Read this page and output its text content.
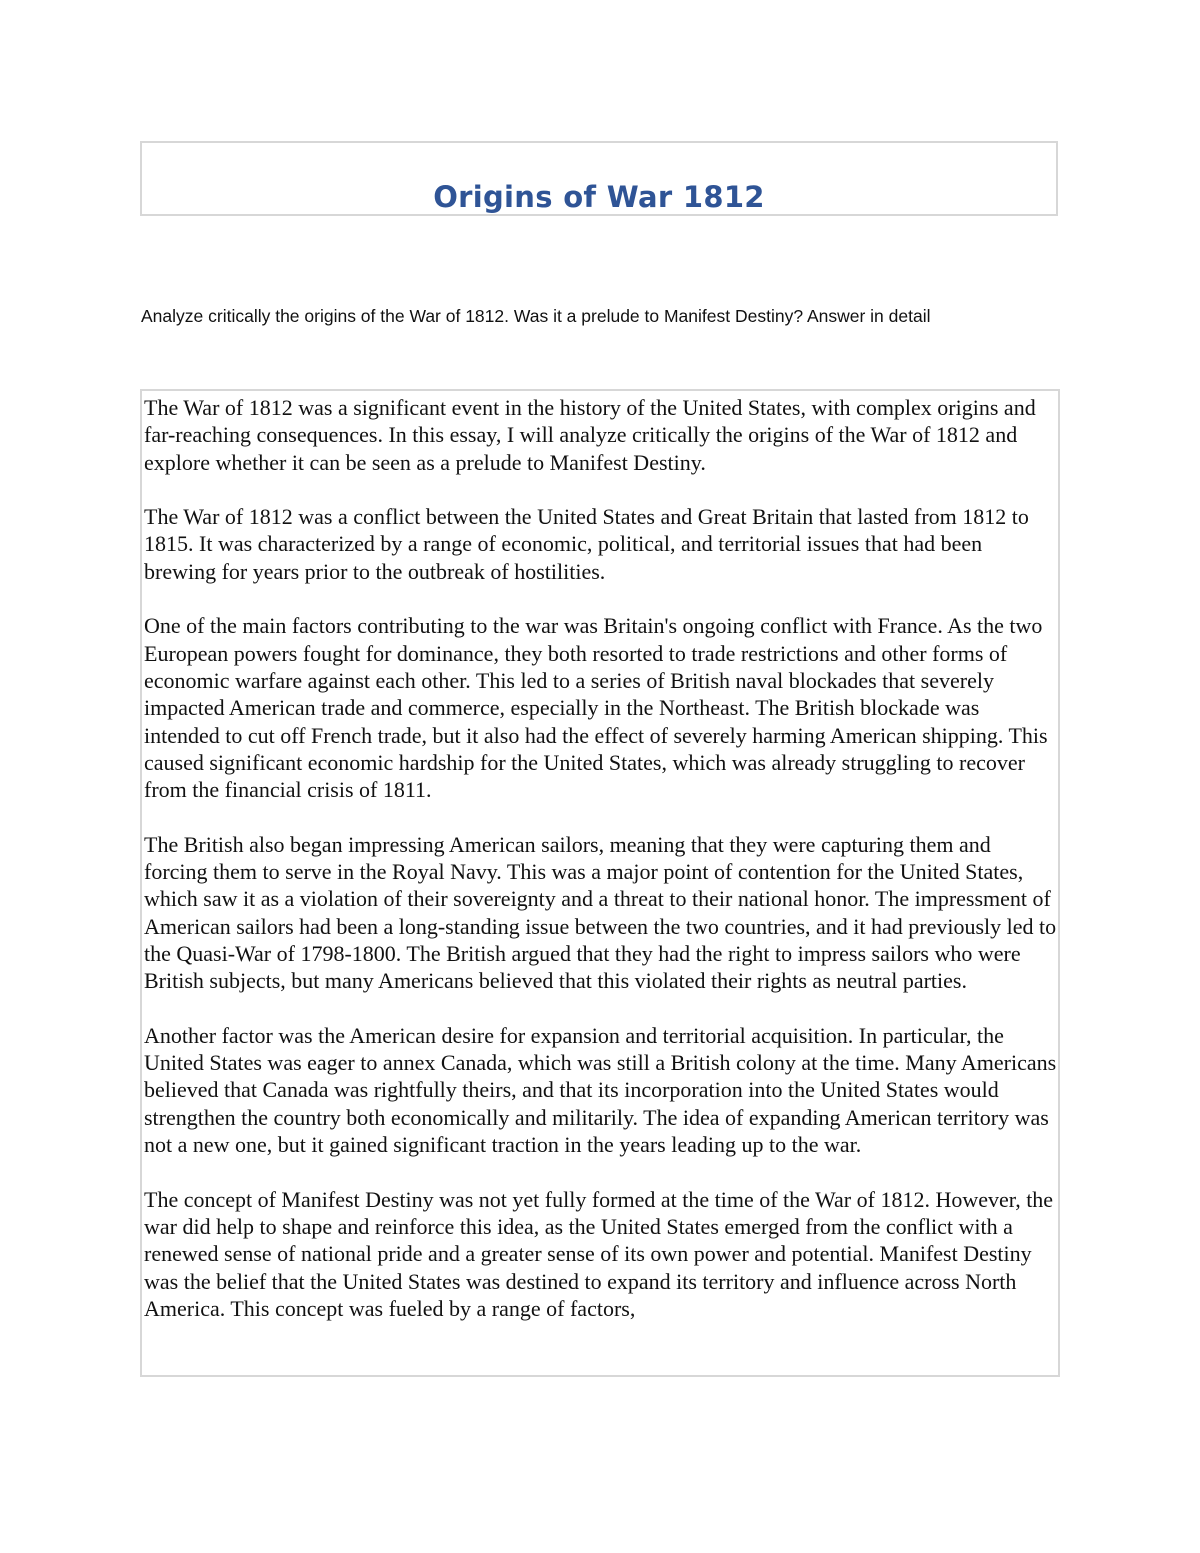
Origins of War 1812

Analyze critically the origins of the War of 1812. Was it a prelude to Manifest Destiny? Answer in detail

The War of 1812 was a significant event in the history of the United States, with complex origins and far-reaching consequences. In this essay, I will analyze critically the origins of the War of 1812 and explore whether it can be seen as a prelude to Manifest Destiny.

The War of 1812 was a conflict between the United States and Great Britain that lasted from 1812 to 1815. It was characterized by a range of economic, political, and territorial issues that had been brewing for years prior to the outbreak of hostilities.

One of the main factors contributing to the war was Britain's ongoing conflict with France. As the two European powers fought for dominance, they both resorted to trade restrictions and other forms of economic warfare against each other. This led to a series of British naval blockades that severely impacted American trade and commerce, especially in the Northeast. The British blockade was intended to cut off French trade, but it also had the effect of severely harming American shipping. This caused significant economic hardship for the United States, which was already struggling to recover from the financial crisis of 1811.

The British also began impressing American sailors, meaning that they were capturing them and forcing them to serve in the Royal Navy. This was a major point of contention for the United States, which saw it as a violation of their sovereignty and a threat to their national honor. The impressment of American sailors had been a long-standing issue between the two countries, and it had previously led to the Quasi-War of 1798-1800. The British argued that they had the right to impress sailors who were British subjects, but many Americans believed that this violated their rights as neutral parties.

Another factor was the American desire for expansion and territorial acquisition. In particular, the United States was eager to annex Canada, which was still a British colony at the time. Many Americans believed that Canada was rightfully theirs, and that its incorporation into the United States would strengthen the country both economically and militarily. The idea of expanding American territory was not a new one, but it gained significant traction in the years leading up to the war.

The concept of Manifest Destiny was not yet fully formed at the time of the War of 1812. However, the war did help to shape and reinforce this idea, as the United States emerged from the conflict with a renewed sense of national pride and a greater sense of its own power and potential. Manifest Destiny was the belief that the United States was destined to expand its territory and influence across North America. This concept was fueled by a range of factors,
